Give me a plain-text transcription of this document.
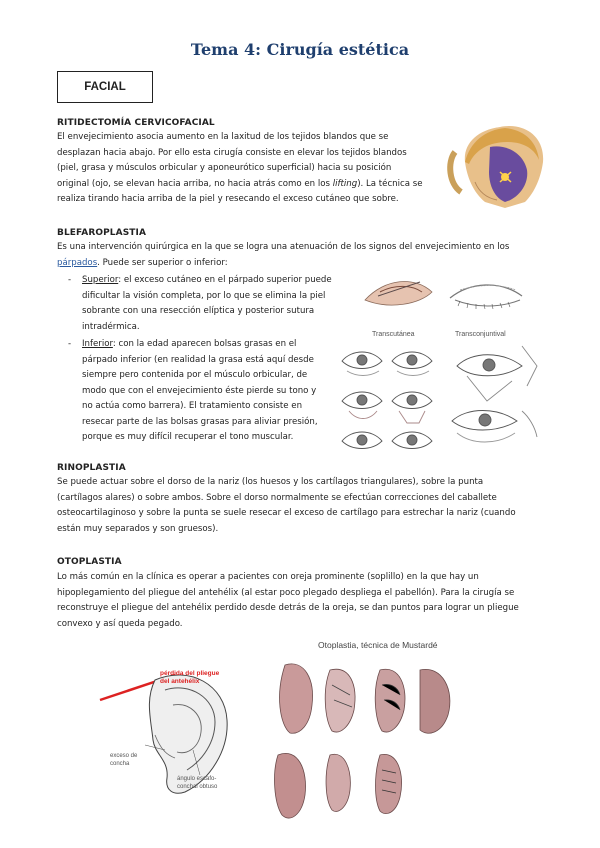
Tema 4: Cirugía estética
FACIAL
RITIDECTOMÍA CERVICOFACIAL
El envejecimiento asocia aumento en la laxitud de los tejidos blandos que se
desplazan hacia abajo. Por ello esta cirugía consiste en elevar los tejidos blandos
(piel, grasa y músculos orbicular y aponeurótico superficial) hacia su posición
original (ojo, se elevan hacia arriba, no hacia atrás como en los lifting). La técnica se
realiza tirando hacia arriba de la piel y resecando el exceso cutáneo que sobre.
BLEFAROPLASTIA
Es una intervención quirúrgica en la que se logra una atenuación de los signos del envejecimiento en los
párpados. Puede ser superior o inferior:
- Superior: el exceso cutáneo en el párpado superior puede
dificultar la visión completa, por lo que se elimina la piel
sobrante con una resección elíptica y posterior sutura
intradérmica.
- Inferior: con la edad aparecen bolsas grasas en el
párpado inferior (en realidad la grasa está aquí desde
siempre pero contenida por el músculo orbicular, de
modo que con el envejecimiento éste pierde su tono y
no actúa como barrera). El tratamiento consiste en
resecar parte de las bolsas grasas para aliviar presión,
porque es muy difícil recuperar el tono muscular.
Transcutánea	Transconjuntival
RINOPLASTIA
Se puede actuar sobre el dorso de la nariz (los huesos y los cartílagos triangulares), sobre la punta
(cartílagos alares) o sobre ambos. Sobre el dorso normalmente se efectúan correcciones del caballete
osteocartilaginoso y sobre la punta se suele resecar el exceso de cartílago para estrechar la nariz (cuando
están muy separados y son gruesos).
OTOPLASTIA
Lo más común en la clínica es operar a pacientes con oreja prominente (soplillo) en la que hay un
hipoplegamiento del pliegue del antehélix (al estar poco plegado despliega el pabellón). Para la cirugía se
reconstruye el pliegue del antehélix perdido desde detrás de la oreja, se dan puntos para lograr un pliegue
convexo y así queda pegado.
pérdida del pliegue
del antehélix
exceso de
concha
ángulo escafo-
conchal obtuso
Otoplastia, técnica de Mustardé
